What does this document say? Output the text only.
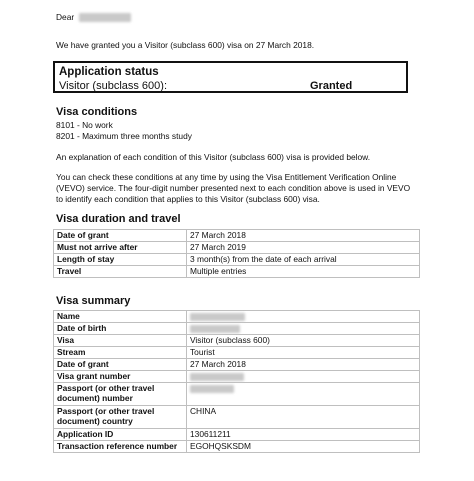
Dear
We have granted you a Visitor (subclass 600) visa on 27 March 2018.
Application status
Visitor (subclass 600):	Granted
Visa conditions
8101 - No work
8201 - Maximum three months study
An explanation of each condition of this Visitor (subclass 600) visa is provided below.
You can check these conditions at any time by using the Visa Entitlement Verification Online (VEVO) service. The four-digit number presented next to each condition above is used in VEVO to identify each condition that applies to this Visitor (subclass 600) visa.
Visa duration and travel
Date of grant	27 March 2018
Must not arrive after	27 March 2019
Length of stay	3 month(s) from the date of each arrival
Travel	Multiple entries
Visa summary
Name	
Date of birth	
Visa	Visitor (subclass 600)
Stream	Tourist
Date of grant	27 March 2018
Visa grant number	
Passport (or other travel document) number	
Passport (or other travel document) country	CHINA
Application ID	130611211
Transaction reference number	EGOHQSKSDM
